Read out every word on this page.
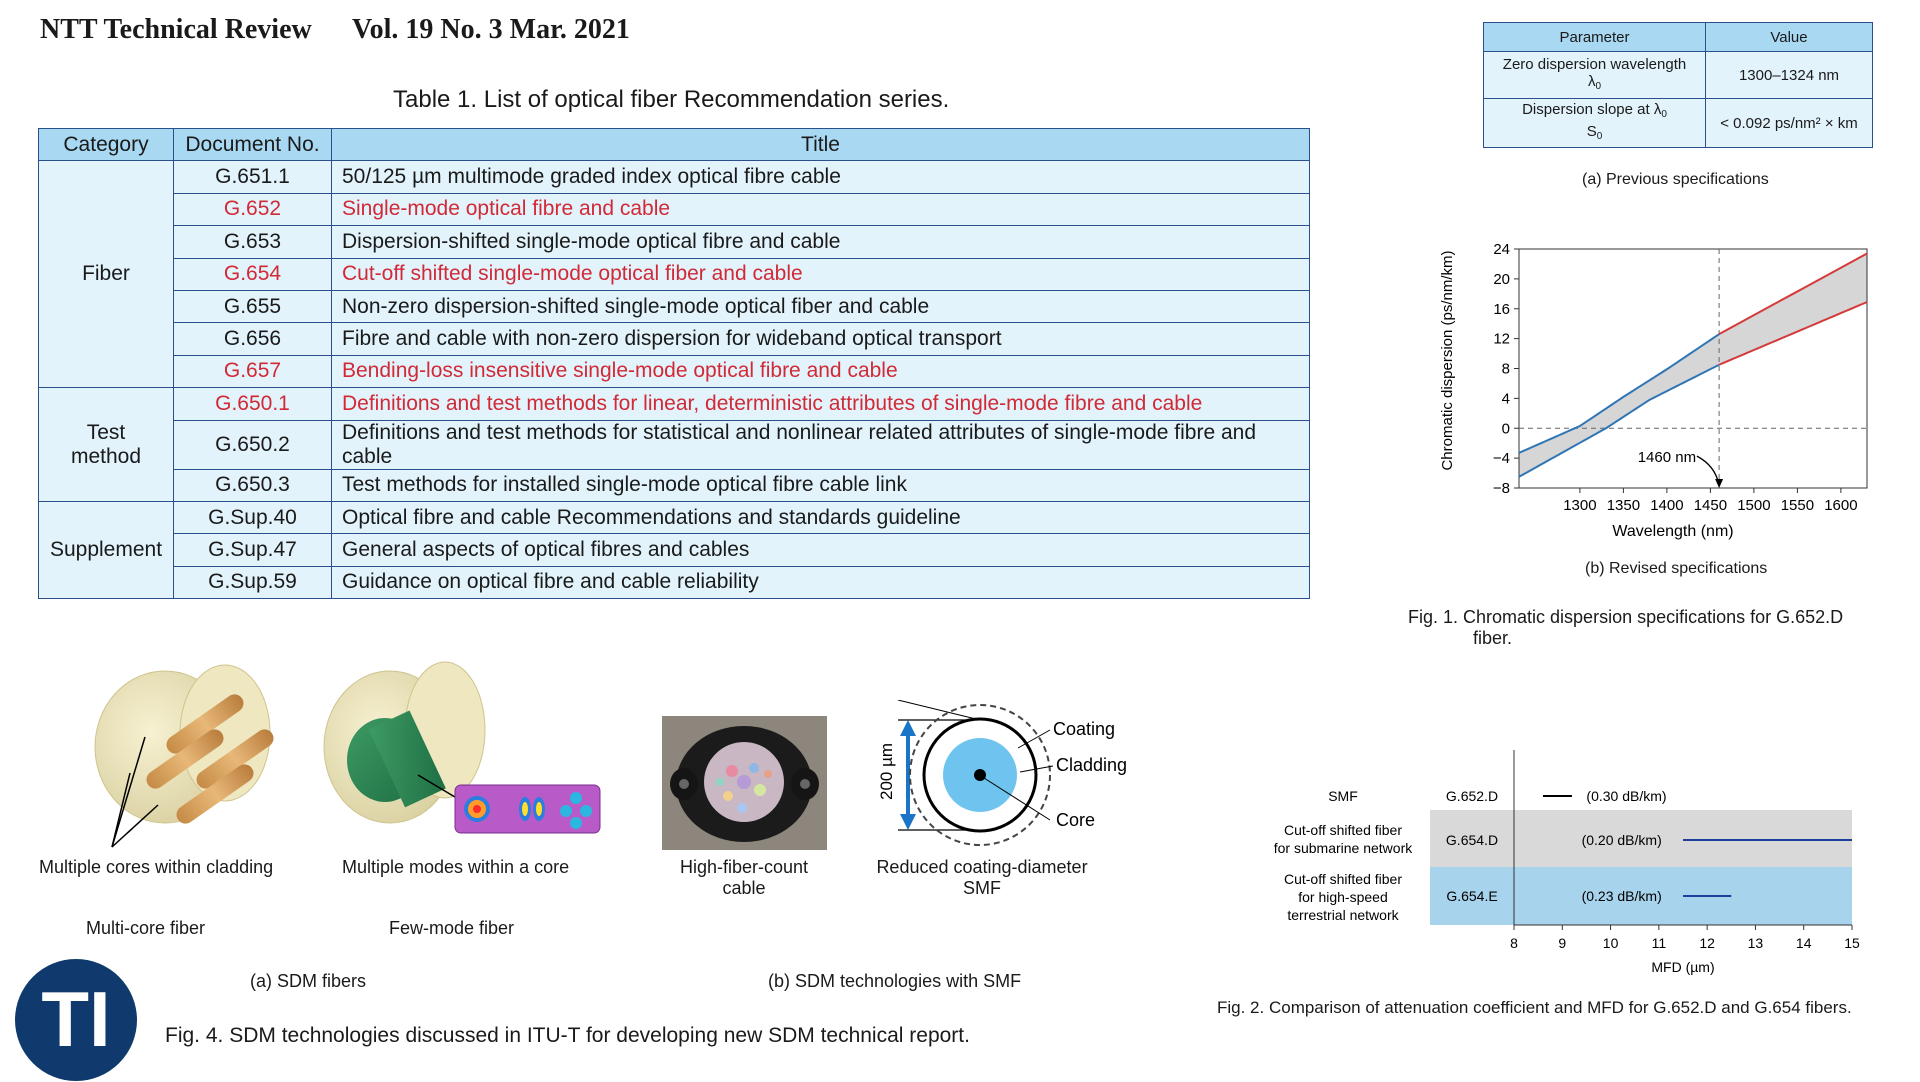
NTT Technical Review Vol. 19 No. 3 Mar. 2021
Table 1. List of optical fiber Recommendation series.
Category	Document No.	Title
Fiber	G.651.1	50/125 µm multimode graded index optical fibre cable
	G.652	Single-mode optical fibre and cable
	G.653	Dispersion-shifted single-mode optical fibre and cable
	G.654	Cut-off shifted single-mode optical fiber and cable
	G.655	Non-zero dispersion-shifted single-mode optical fiber and cable
	G.656	Fibre and cable with non-zero dispersion for wideband optical transport
	G.657	Bending-loss insensitive single-mode optical fibre and cable
Test method	G.650.1	Definitions and test methods for linear, deterministic attributes of single-mode fibre and cable
	G.650.2	Definitions and test methods for statistical and nonlinear related attributes of single-mode fibre and cable
	G.650.3	Test methods for installed single-mode optical fibre cable link
Supplement	G.Sup.40	Optical fibre and cable Recommendations and standards guideline
	G.Sup.47	General aspects of optical fibres and cables
	G.Sup.59	Guidance on optical fibre and cable reliability
Parameter	Value
Zero dispersion wavelength
$\lambda_0$	1300–1324 nm
Dispersion slope at $\lambda_0$
$S_0$	< 0.092 ps/nm² × km
(a) Previous specifications
1300 1350 1400 1450 1500 1550 1600
−8
−4
0
4
8
12
16
20
24
Wavelength (nm)
Chromatic dispersion (ps/nm/km)	1460 nm
(b) Revised specifications
Fig. 1. Chromatic dispersion specifications for G.652.D
fiber.
8	9	10 11 12 13 14 15
MFD (µm)
G.652.D	(0.30 dB/km)
G.654.D	(0.20 dB/km)
G.654.E	(0.23 dB/km)
SMF
Cut-off shifted fiber
for submarine network
Cut-off shifted fiber
for high-speed
terrestrial network
Fig. 2. Comparison of attenuation coefficient and MFD for G.652.D and G.654 fibers.
Multiple cores within cladding
Multi-core fiber
Multiple modes within a core
Few-mode fiber
High-fiber-count
cable
200 µm
Coating
Cladding
Core
Reduced coating-diameter
SMF
(a) SDM fibers	(b) SDM technologies with SMF
Fig. 4. SDM technologies discussed in ITU-T for developing new SDM technical report.
TI
